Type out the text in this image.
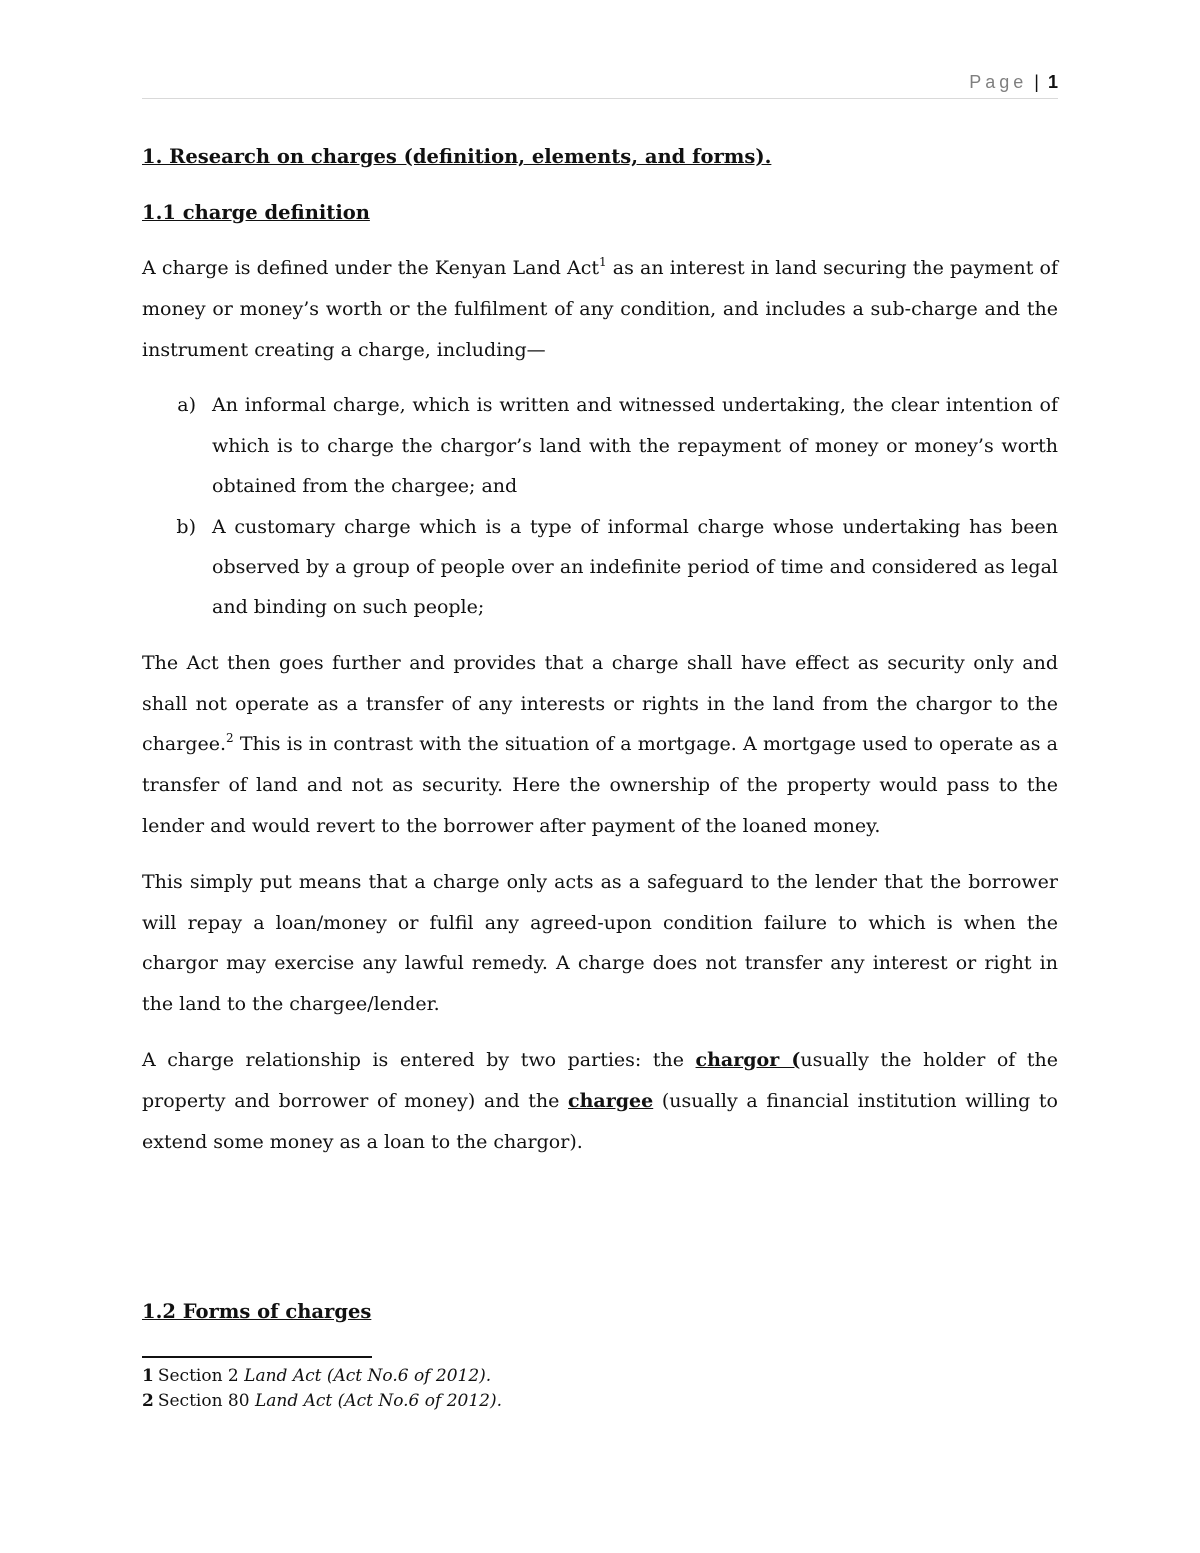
Page | 1
1. Research on charges (definition, elements, and forms).
1.1 charge definition
A charge is defined under the Kenyan Land Act$^1$ as an interest in land securing the payment of money or money’s worth or the fulfilment of any condition, and includes a sub-charge and the instrument creating a charge, including—
a) An informal charge, which is written and witnessed undertaking, the clear intention of which is to charge the chargor’s land with the repayment of money or money’s worth obtained from the chargee; and
b) A customary charge which is a type of informal charge whose undertaking has been observed by a group of people over an indefinite period of time and considered as legal and binding on such people;
The Act then goes further and provides that a charge shall have effect as security only and shall not operate as a transfer of any interests or rights in the land from the chargor to the chargee.$^2$ This is in contrast with the situation of a mortgage. A mortgage used to operate as a transfer of land and not as security. Here the ownership of the property would pass to the lender and would revert to the borrower after payment of the loaned money.
This simply put means that a charge only acts as a safeguard to the lender that the borrower will repay a loan/money or fulfil any agreed-upon condition failure to which is when the chargor may exercise any lawful remedy. A charge does not transfer any interest or right in the land to the chargee/lender.
A charge relationship is entered by two parties: the chargor (usually the holder of the property and borrower of money) and the chargee (usually a financial institution willing to extend some money as a loan to the chargor).
1.2 Forms of charges
1 Section 2 Land Act (Act No.6 of 2012).
2 Section 80 Land Act (Act No.6 of 2012).
